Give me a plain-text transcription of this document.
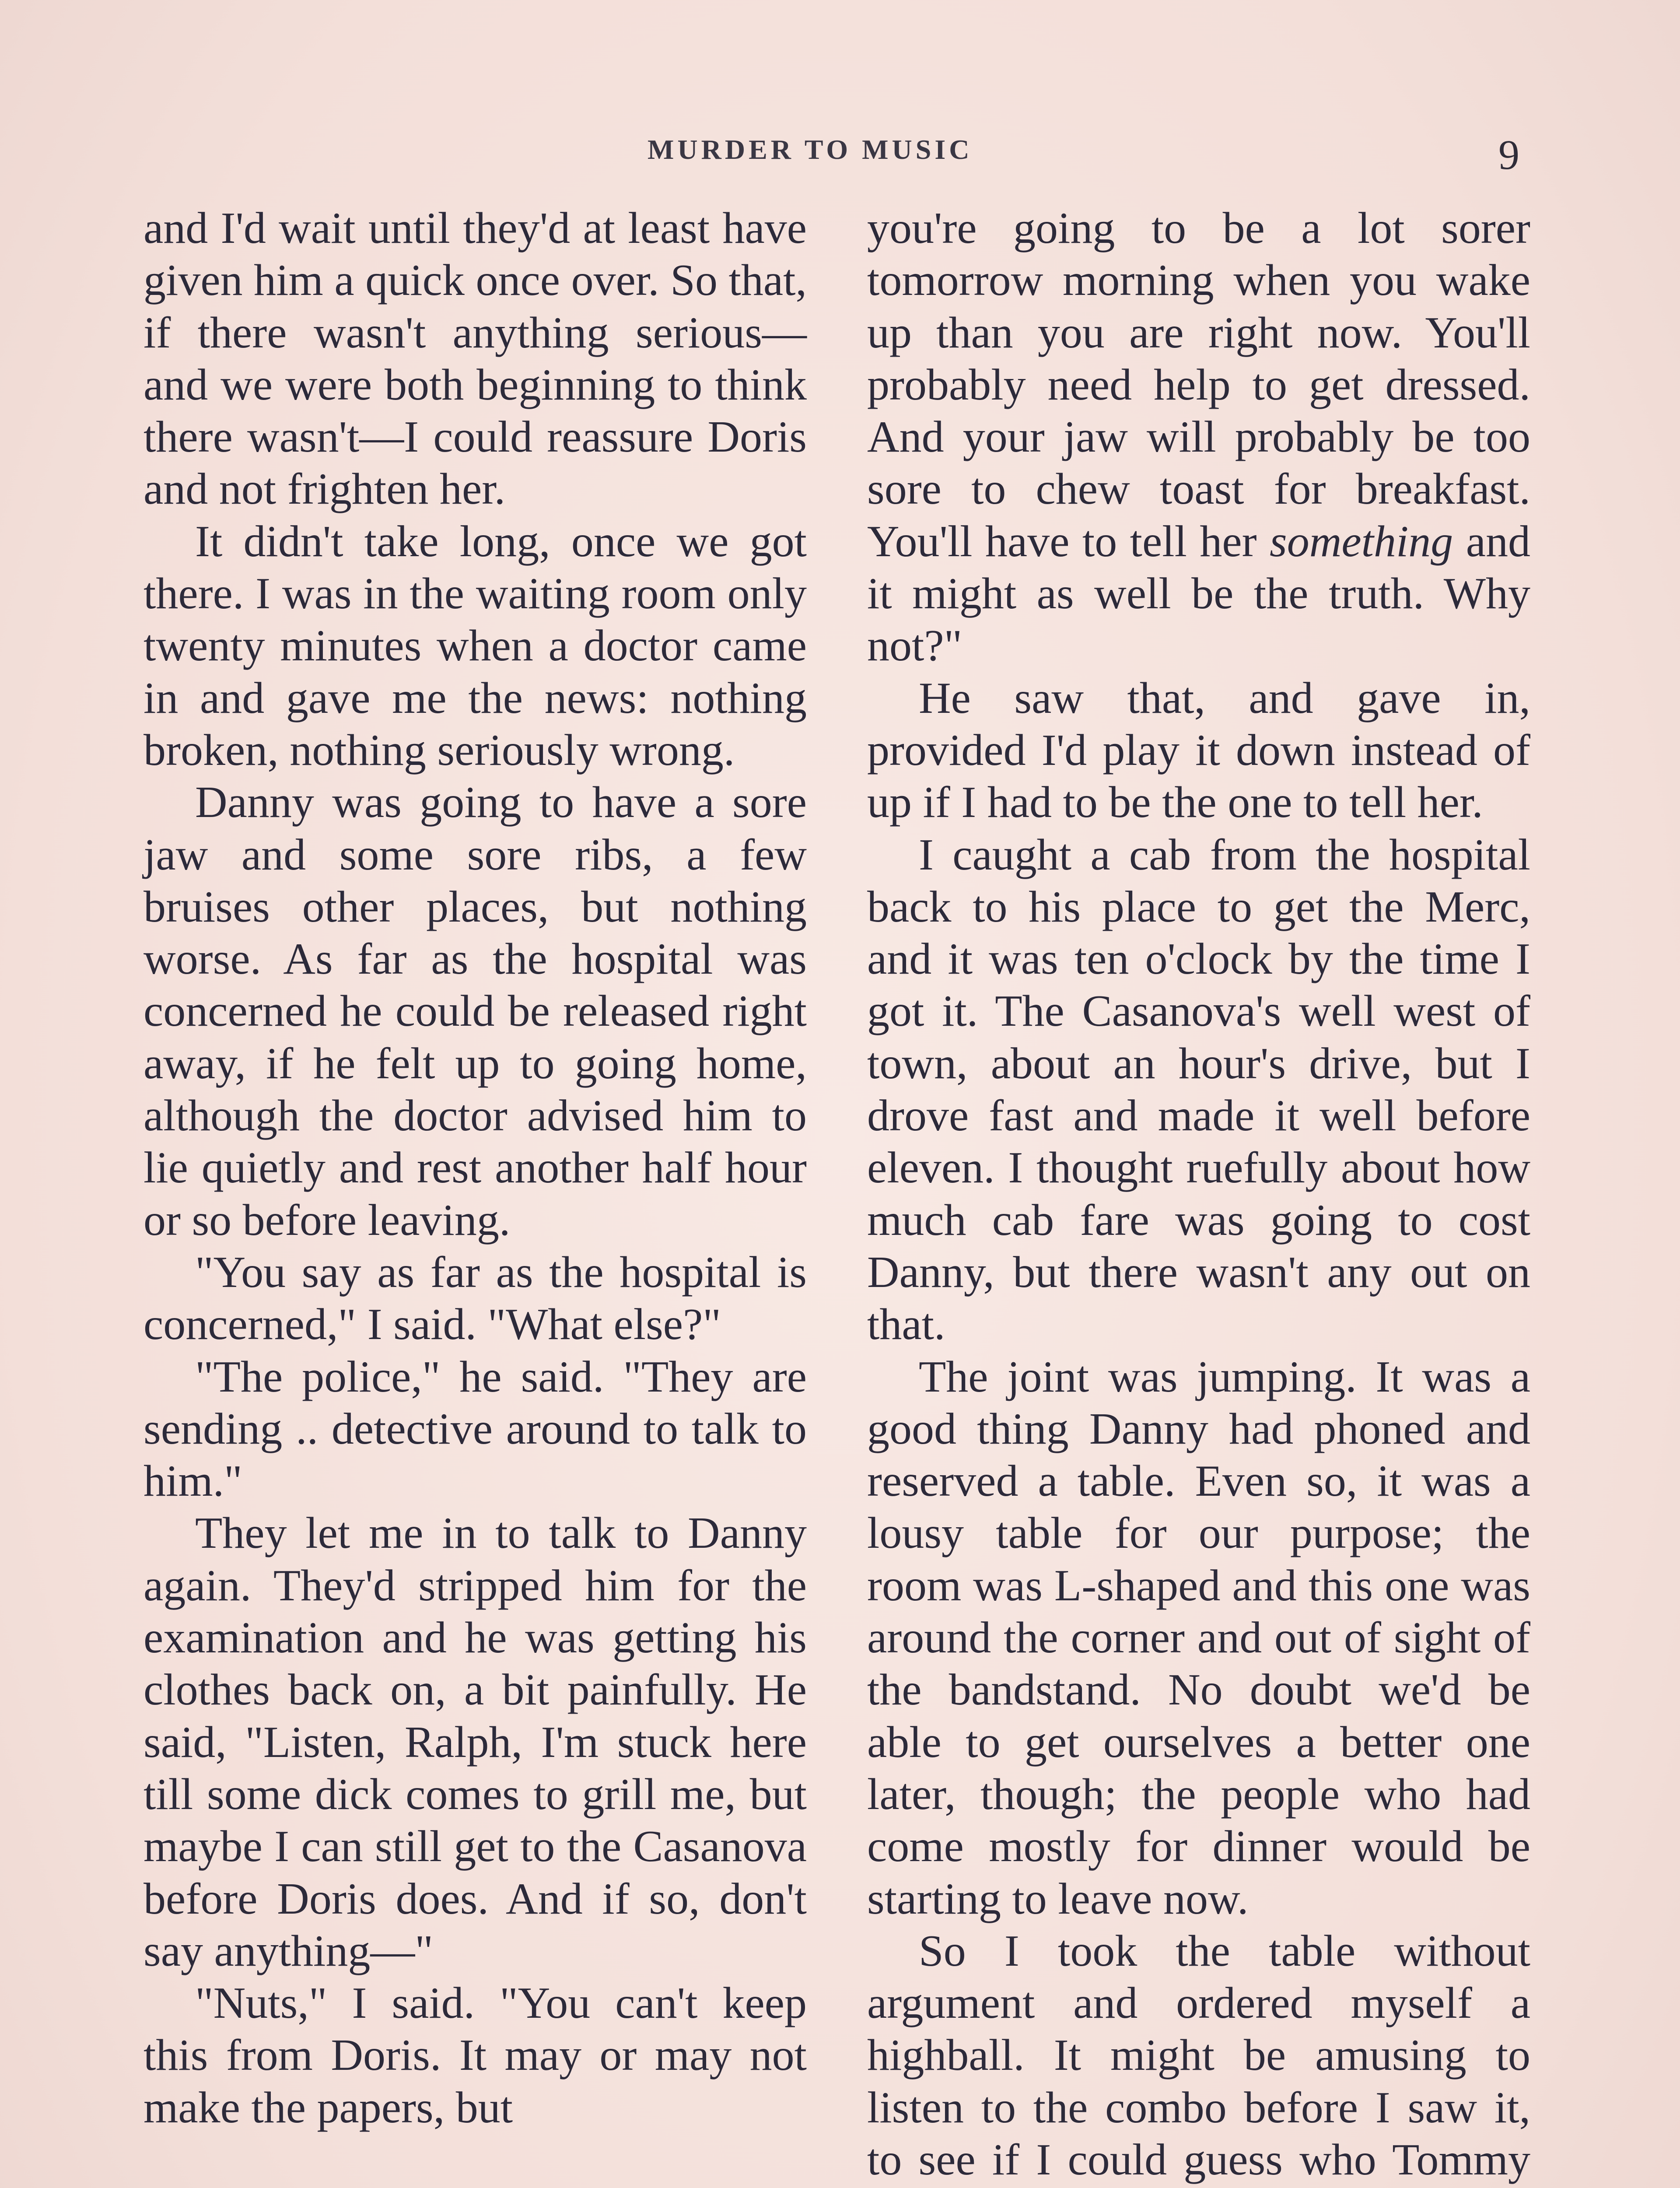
MURDER TO MUSIC	9

and I'd wait until they'd at least have given him a quick once over. So that, if there wasn't anything serious—and we were both beginning to think there wasn't—I could reassure Doris and not frighten her.

It didn't take long, once we got there. I was in the waiting room only twenty minutes when a doctor came in and gave me the news: nothing broken, nothing seriously wrong.

Danny was going to have a sore jaw and some sore ribs, a few bruises other places, but nothing worse. As far as the hospital was concerned he could be released right away, if he felt up to going home, although the doctor advised him to lie quietly and rest another half hour or so before leaving.

"You say as far as the hospital is concerned," I said. "What else?"

"The police," he said. "They are sending .. detective around to talk to him."

They let me in to talk to Danny again. They'd stripped him for the examination and he was getting his clothes back on, a bit painfully. He said, "Listen, Ralph, I'm stuck here till some dick comes to grill me, but maybe I can still get to the Casanova before Doris does. And if so, don't say anything—"

"Nuts," I said. "You can't keep this from Doris. It may or may not make the papers, but

you're going to be a lot sorer tomorrow morning when you wake up than you are right now. You'll probably need help to get dressed. And your jaw will probably be too sore to chew toast for breakfast. You'll have to tell her something and it might as well be the truth. Why not?"

He saw that, and gave in, provided I'd play it down instead of up if I had to be the one to tell her.

I caught a cab from the hospital back to his place to get the Merc, and it was ten o'clock by the time I got it. The Casanova's well west of town, about an hour's drive, but I drove fast and made it well before eleven. I thought ruefully about how much cab fare was going to cost Danny, but there wasn't any out on that.

The joint was jumping. It was a good thing Danny had phoned and reserved a table. Even so, it was a lousy table for our purpose; the room was L-shaped and this one was around the corner and out of sight of the bandstand. No doubt we'd be able to get ourselves a better one later, though; the people who had come mostly for dinner would be starting to leave now.

So I took the table without argument and ordered myself a highball. It might be amusing to listen to the combo before I saw it, to see if I could guess who Tommy
